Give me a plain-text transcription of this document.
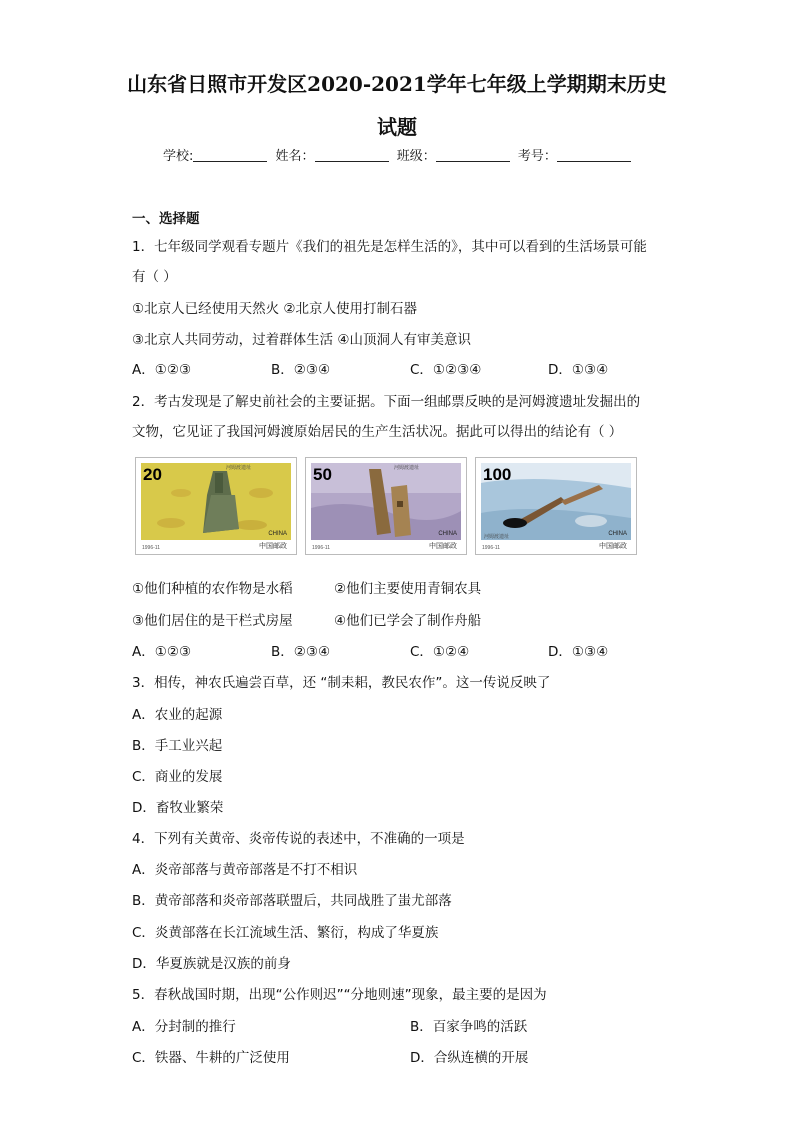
山东省日照市开发区2020-2021学年七年级上学期期末历史
试题
学校:	姓名：	班级：	考号：
一、选择题
1．七年级同学观看专题片《我们的祖先是怎样生活的》，其中可以看到的生活场景可能
有（ ）
①北京人已经使用天然火 ②北京人使用打制石器
③北京人共同劳动，过着群体生活 ④山顶洞人有审美意识
A．①②③	B．②③④	C．①②③④	D．①③④
2．考古发现是了解史前社会的主要证据。下面一组邮票反映的是河姆渡遗址发掘出的
文物，它见证了我国河姆渡原始居民的生产生活状况。据此可以得出的结论有（ ）
20	河姆渡遗址
CHINA
中国邮政
1996-11
50	河姆渡遗址
CHINA
中国邮政
1996-11
100
河姆渡遗址	CHINA
中国邮政
1996-11
①他们种植的农作物是水稻	②他们主要使用青铜农具
③他们居住的是干栏式房屋	④他们已学会了制作舟船
A．①②③	B．②③④	C．①②④	D．①③④
3．相传，神农氏遍尝百草，还 “制耒耜，教民农作”。这一传说反映了
A．农业的起源
B．手工业兴起
C．商业的发展
D．畜牧业繁荣
4．下列有关黄帝、炎帝传说的表述中，不准确的一项是
A．炎帝部落与黄帝部落是不打不相识
B．黄帝部落和炎帝部落联盟后，共同战胜了蚩尤部落
C．炎黄部落在长江流域生活、繁衍，构成了华夏族
D．华夏族就是汉族的前身
5．春秋战国时期，出现“公作则迟”“分地则速”现象，最主要的是因为
A．分封制的推行	B．百家争鸣的活跃
C．铁器、牛耕的广泛使用	D．合纵连横的开展
